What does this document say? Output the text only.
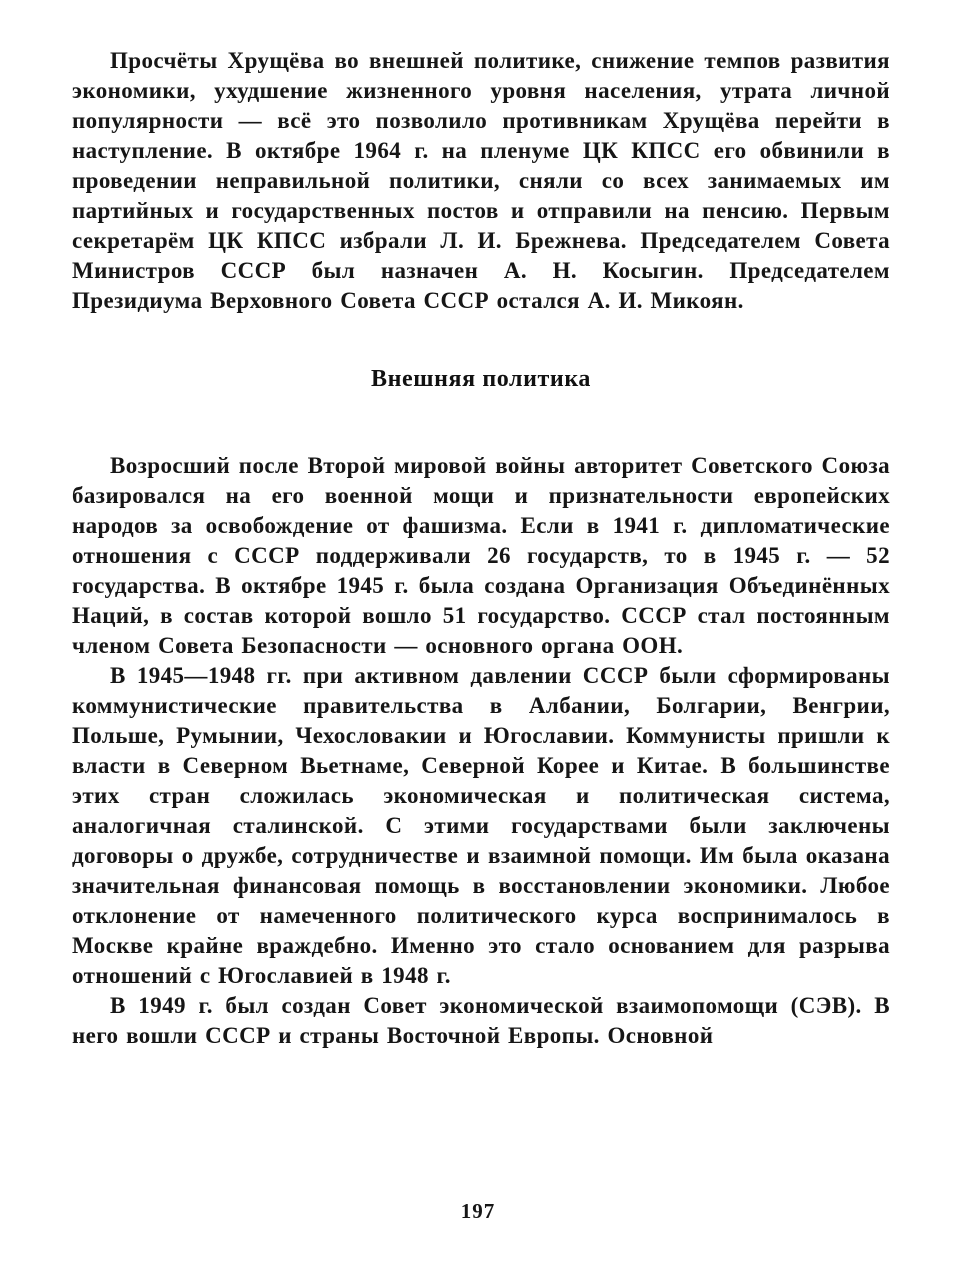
Просчёты Хрущёва во внешней политике, снижение темпов развития экономики, ухудшение жизненного уровня населения, утрата личной популярности — всё это позволило противникам Хрущёва перейти в наступление. В октябре 1964 г. на пленуме ЦК КПСС его обвинили в проведении неправильной политики, сняли со всех занимаемых им партийных и государственных постов и отправили на пенсию. Первым секретарём ЦК КПСС избрали Л. И. Брежнева. Председателем Совета Министров СССР был назначен А. Н. Косыгин. Председателем Президиума Верховного Совета СССР остался А. И. Микоян.

Внешняя политика

Возросший после Второй мировой войны авторитет Советского Союза базировался на его военной мощи и признательности европейских народов за освобождение от фашизма. Если в 1941 г. дипломатические отношения с СССР поддерживали 26 государств, то в 1945 г. — 52 государства. В октябре 1945 г. была создана Организация Объединённых Наций, в состав которой вошло 51 государство. СССР стал постоянным членом Совета Безопасности — основного органа ООН.

В 1945—1948 гг. при активном давлении СССР были сформированы коммунистические правительства в Албании, Болгарии, Венгрии, Польше, Румынии, Чехословакии и Югославии. Коммунисты пришли к власти в Северном Вьетнаме, Северной Корее и Китае. В большинстве этих стран сложилась экономическая и политическая система, аналогичная сталинской. С этими государствами были заключены договоры о дружбе, сотрудничестве и взаимной помощи. Им была оказана значительная финансовая помощь в восстановлении экономики. Любое отклонение от намеченного политического курса воспринималось в Москве крайне враждебно. Именно это стало основанием для разрыва отношений с Югославией в 1948 г.

В 1949 г. был создан Совет экономической взаимопомощи (СЭВ). В него вошли СССР и страны Восточной Европы. Основной

197
